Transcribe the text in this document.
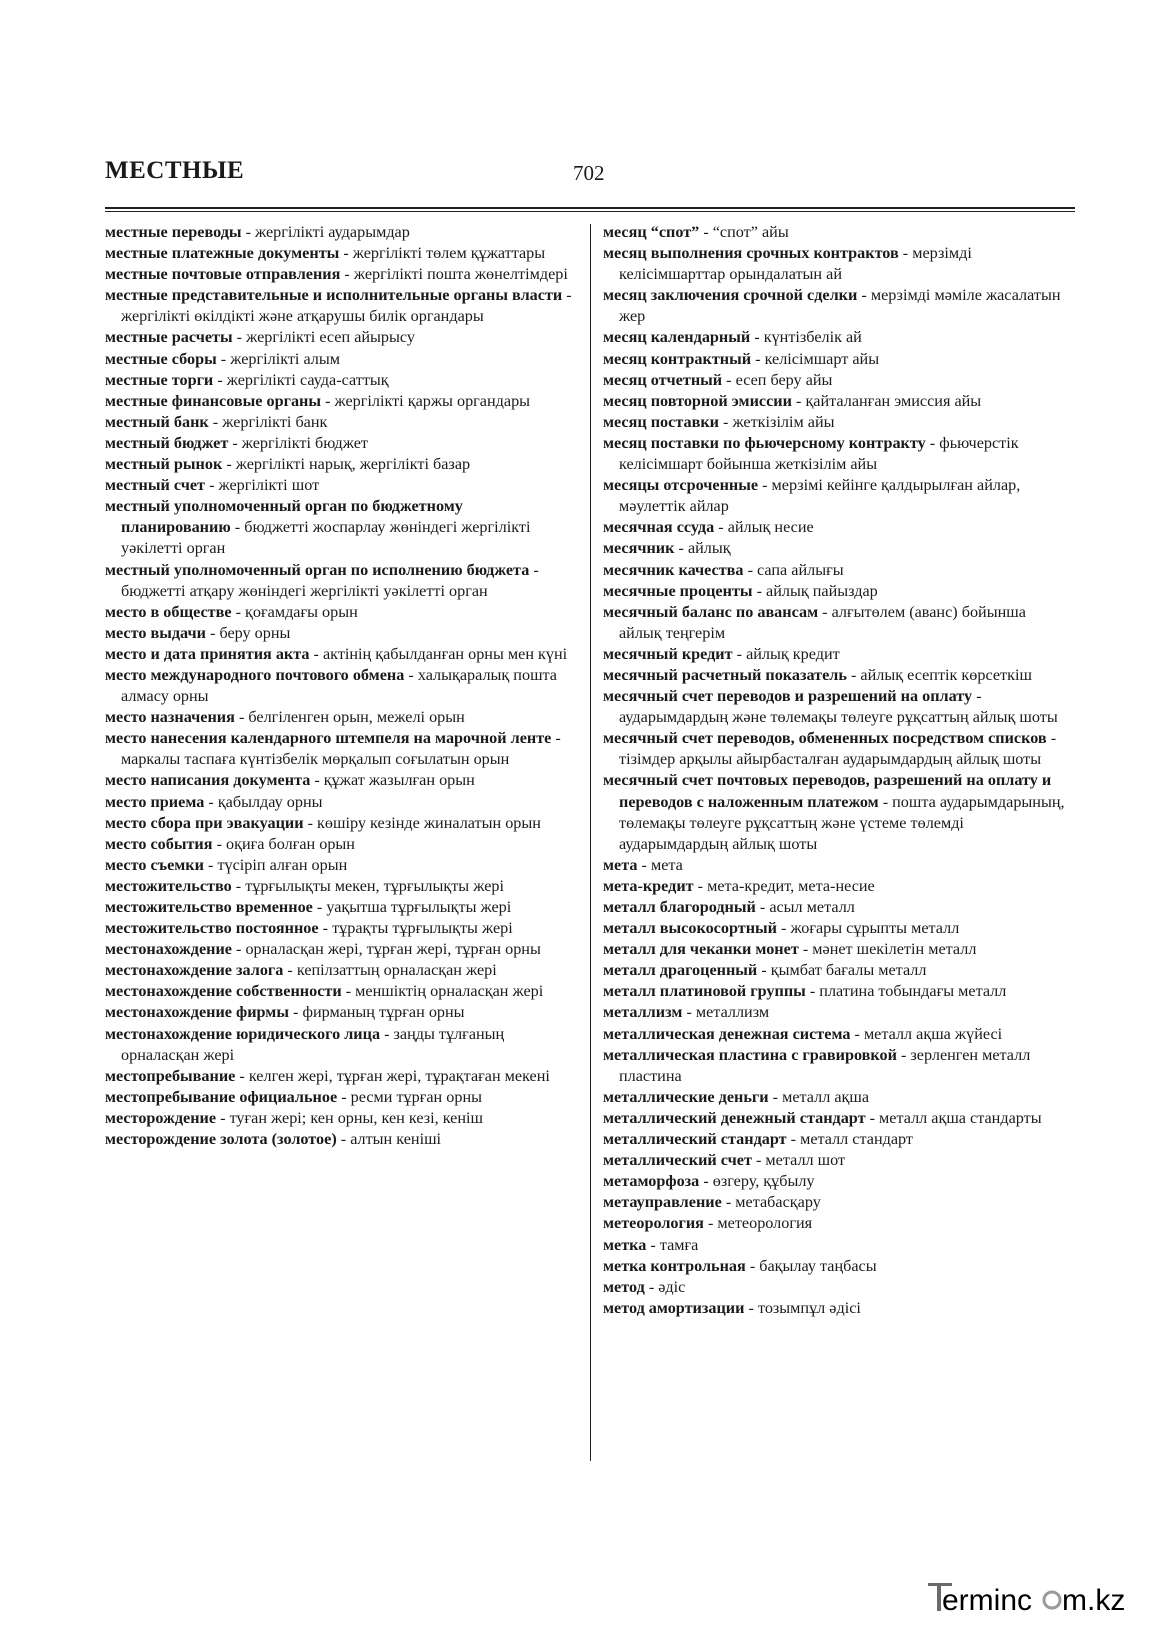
МЕСТНЫЕ	702

местные переводы - жергілікті аударымдар

местные платежные документы - жергілікті төлем құжаттары

местные почтовые отправления - жергілікті пошта жөнелтімдері

местные представительные и исполнительные органы власти - жергілікті өкілдікті және атқарушы билік органдары

местные расчеты - жергілікті есеп айырысу

местные сборы - жергілікті алым

местные торги - жергілікті сауда-саттық

местные финансовые органы - жергілікті қаржы органдары

местный банк - жергілікті банк

местный бюджет - жергілікті бюджет

местный рынок - жергілікті нарық, жергілікті базар

местный счет - жергілікті шот

местный уполномоченный орган по бюджетному планированию - бюджетті жоспарлау жөніндегі жергілікті уәкілетті орган

местный уполномоченный орган по исполнению бюджета - бюджетті атқару жөніндегі жергілікті уәкілетті орган

место в обществе - қоғамдағы орын

место выдачи - беру орны

место и дата принятия акта - актінің қабылданған орны мен күні

место международного почтового обмена - халықаралық пошта алмасу орны

место назначения - белгіленген орын, межелі орын

место нанесения календарного штемпеля на марочной ленте - маркалы таспаға күнтізбелік мөрқалып соғылатын орын

место написания документа - құжат жазылған орын

место приема - қабылдау орны

место сбора при эвакуации - көшіру кезінде жиналатын орын

место события - оқиға болған орын

место съемки - түсіріп алған орын

местожительство - тұрғылықты мекен, тұрғылықты жері

местожительство временное - уақытша тұрғылықты жері

местожительство постоянное - тұрақты тұрғылықты жері

местонахождение - орналасқан жері, тұрған жері, тұрған орны

местонахождение залога - кепілзаттың орналасқан жері

местонахождение собственности - меншіктің орналасқан жері

местонахождение фирмы - фирманың тұрған орны

местонахождение юридического лица - заңды тұлғаның орналасқан жері

местопребывание - келген жері, тұрған жері, тұрақтаған мекені

местопребывание официальное - ресми тұрған орны

месторождение - туған жері; кен орны, кен кезі, кеніш

месторождение золота (золотое) - алтын кеніші

месяц “спот” - “спот” айы

месяц выполнения срочных контрактов - мерзімді келісімшарттар орындалатын ай

месяц заключения срочной сделки - мерзімді мәміле жасалатын жер

месяц календарный - күнтізбелік ай

месяц контрактный - келісімшарт айы

месяц отчетный - есеп беру айы

месяц повторной эмиссии - қайталанған эмиссия айы

месяц поставки - жеткізілім айы

месяц поставки по фьючерсному контракту - фьючерстік келісімшарт бойынша жеткізілім айы

месяцы отсроченные - мерзімі кейінге қалдырылған айлар, мәулеттік айлар

месячная ссуда - айлық несие

месячник - айлық

месячник качества - сапа айлығы

месячные проценты - айлық пайыздар

месячный баланс по авансам - алғытөлем (аванс) бойынша айлық теңгерім

месячный кредит - айлық кредит

месячный расчетный показатель - айлық есептік көрсеткіш

месячный счет переводов и разрешений на оплату - аударымдардың және төлемақы төлеуге рұқсаттың айлық шоты

месячный счет переводов, обмененных посредством списков - тізімдер арқылы айырбасталған аударымдардың айлық шоты

месячный счет почтовых переводов, разрешений на оплату и переводов с наложенным платежом - пошта аударымдарының, төлемақы төлеуге рұқсаттың және үстеме төлемді аударымдардың айлық шоты

мета - мета

мета-кредит - мета-кредит, мета-несие

металл благородный - асыл металл

металл высокосортный - жоғары сұрыпты металл

металл для чеканки монет - мәнет шекілетін металл

металл драгоценный - қымбат бағалы металл

металл платиновой группы - платина тобындағы металл

металлизм - металлизм

металлическая денежная система - металл ақша жүйесі

металлическая пластина с гравировкой - зерленген металл пластина

металлические деньги - металл ақша

металлический денежный стандарт - металл ақша стандарты

металлический стандарт - металл стандарт

металлический счет - металл шот

метаморфоза - өзгеру, құбылу

метауправление - метабасқару

метеорология - метеорология

метка - тамға

метка контрольная - бақылау таңбасы

метод - әдіс

метод амортизации - тозымпұл әдісі

erminc m.kz
